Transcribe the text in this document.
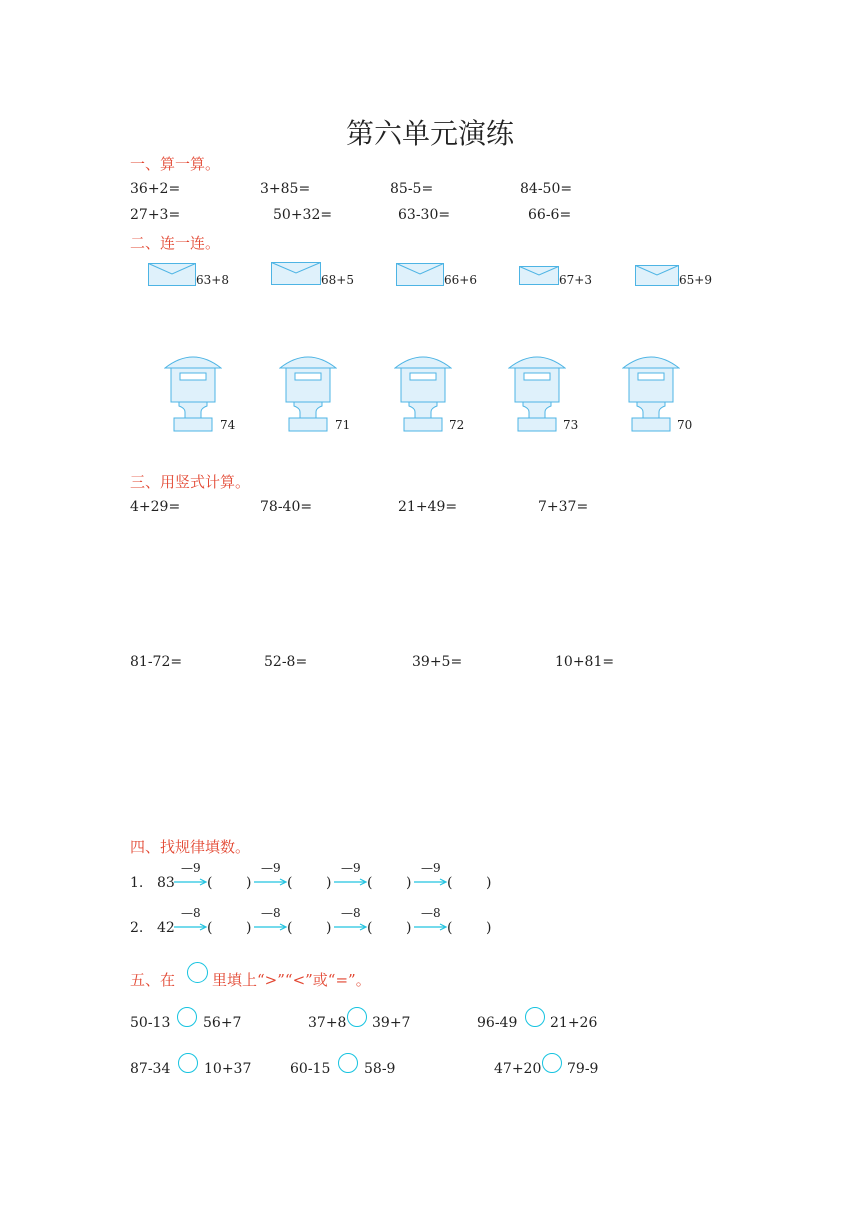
第六单元演练
一、算一算。
36+2=	3+85=	85-5=	84-50=
27+3=	50+32=	63-30=	66-6=
二、连一连。
63+8	68+5	66+6	67+3	65+9
74	71	72	73	70
三、用竖式计算。
4+29=	78-40=	21+49=	7+37=
81-72=	52-8=	39+5=	10+81=
四、找规律填数。
1. 83
—9
( )
—9
( )
—9
( )
—9
( )
2. 42
—8
( )
—8
( )
—8
( )
—8
( )
五、在 里填上“>”“<”或“=”。
50-13 56+7	37+8 39+7	96-49 21+26
87-34 10+37	60-15 58-9	47+20 79-9
